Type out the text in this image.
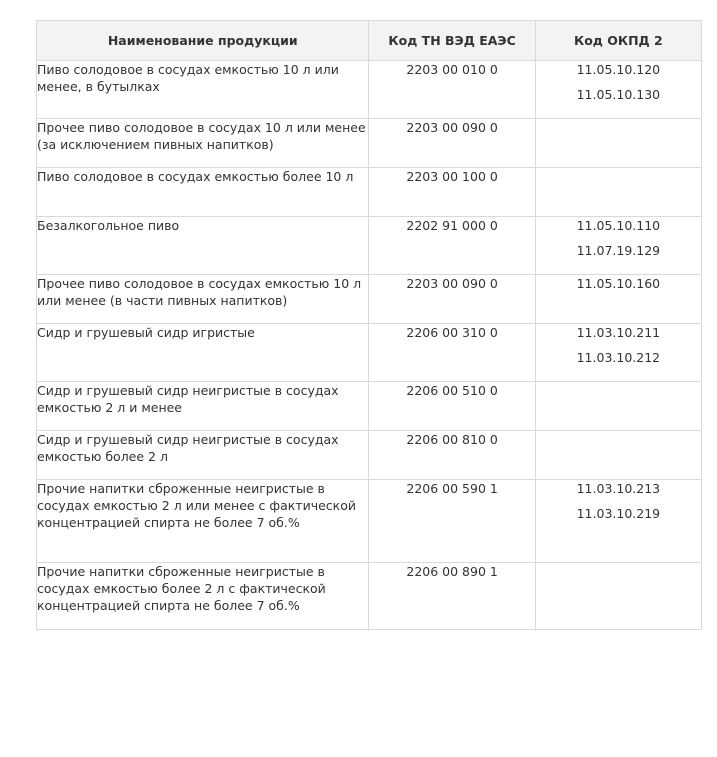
Наименование продукции	Код ТН ВЭД ЕАЭС	Код ОКПД 2

Пиво солодовое в сосудах емкостью 10 л или менее, в бутылках	2203 00 010 0	11.05.10.120
11.05.10.130

Прочее пиво солодовое в сосудах 10 л или менее (за исключением пивных напитков)	2203 00 090 0	

Пиво солодовое в сосудах емкостью более 10 л	2203 00 100 0	

Безалкогольное пиво	2202 91 000 0	11.05.10.110
11.07.19.129

Прочее пиво солодовое в сосудах емкостью 10 л или менее (в части пивных напитков)	2203 00 090 0	11.05.10.160

Сидр и грушевый сидр игристые	2206 00 310 0	11.03.10.211
11.03.10.212

Сидр и грушевый сидр неигристые в сосудах емкостью 2 л и менее	2206 00 510 0	

Сидр и грушевый сидр неигристые в сосудах емкостью более 2 л	2206 00 810 0	

Прочие напитки сброженные неигристые в сосудах емкостью 2 л или менее с фактической концентрацией спирта не более 7 об.%	2206 00 590 1	11.03.10.213
11.03.10.219

Прочие напитки сброженные неигристые в сосудах емкостью более 2 л с фактической концентрацией спирта не более 7 об.%	2206 00 890 1	
